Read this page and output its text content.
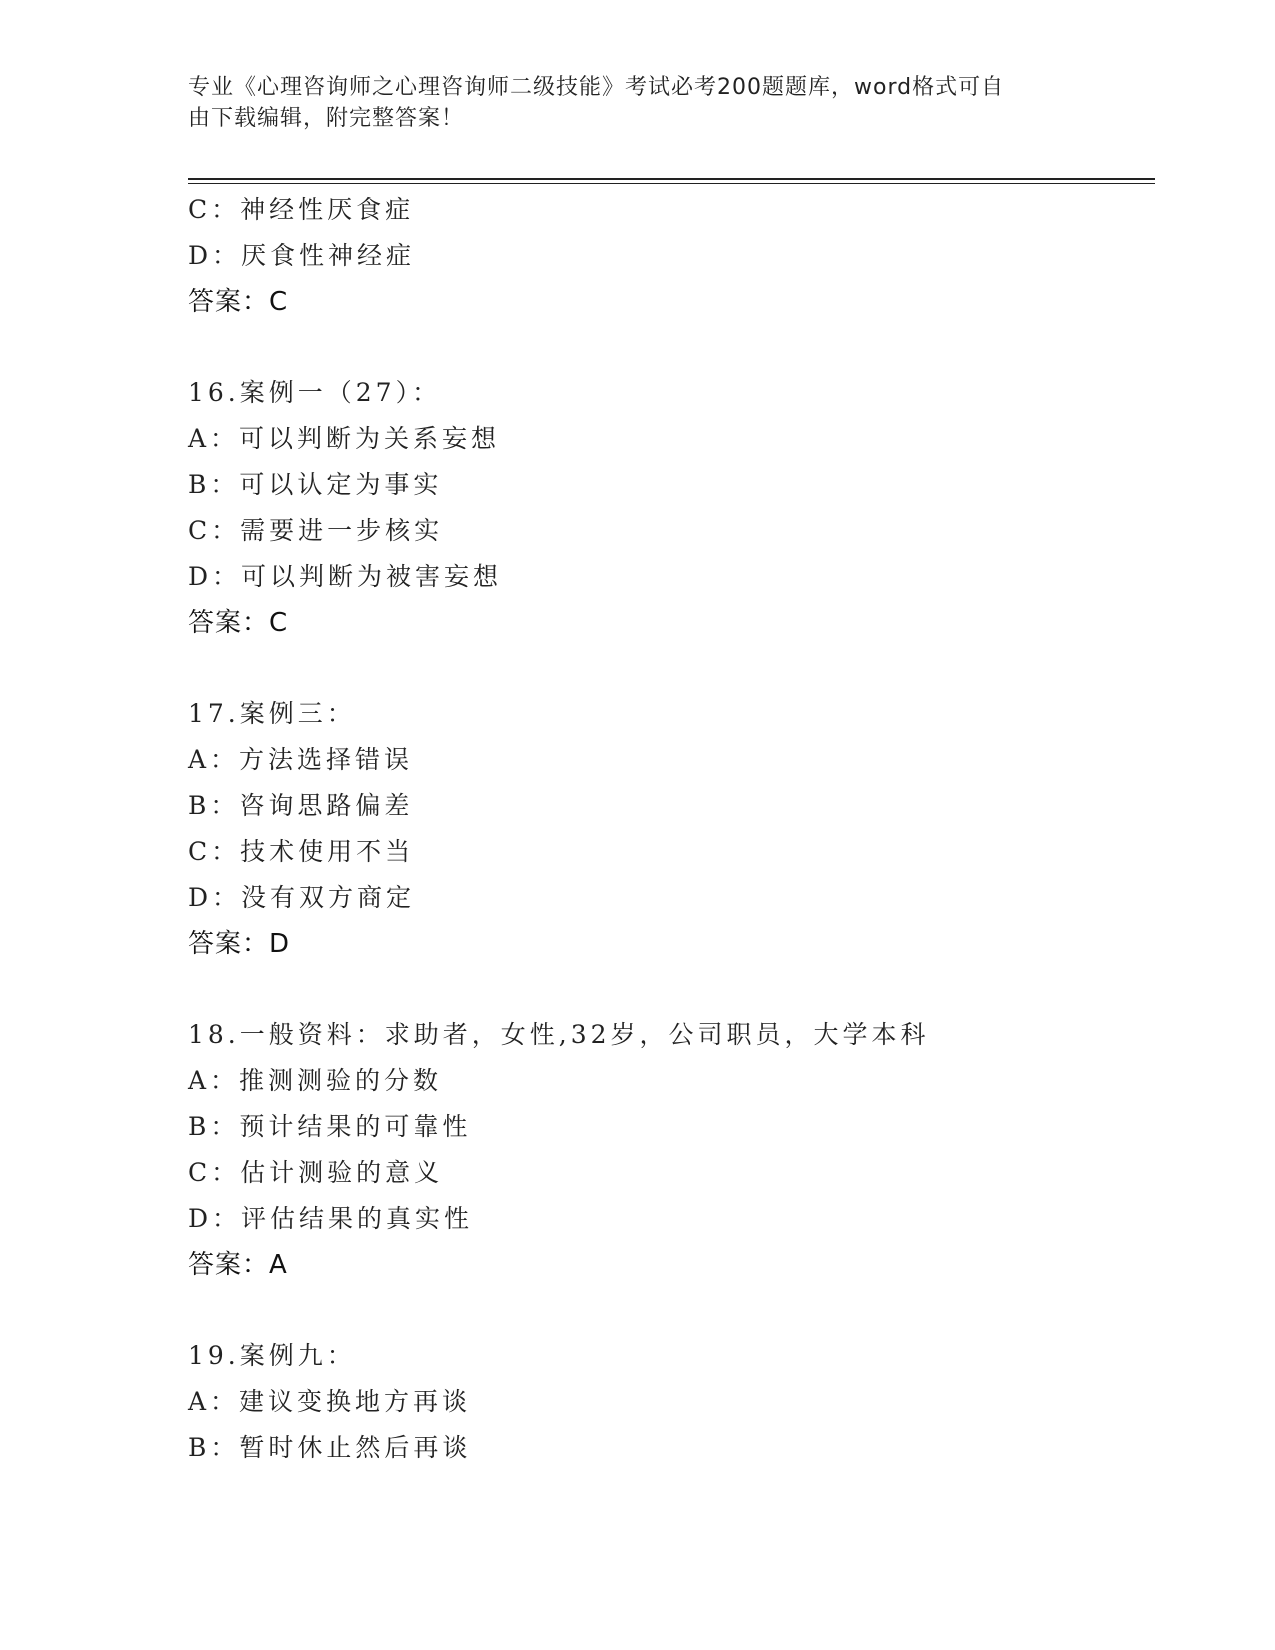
专业《心理咨询师之心理咨询师二级技能》考试必考200题题库，word格式可自
由下载编辑，附完整答案！
C：神经性厌食症
D：厌食性神经症
答案：C
16.案例一（27）：
A：可以判断为关系妄想
B：可以认定为事实
C：需要进一步核实
D：可以判断为被害妄想
答案：C
17.案例三：
A：方法选择错误
B：咨询思路偏差
C：技术使用不当
D：没有双方商定
答案：D
18.一般资料：求助者，女性,32岁，公司职员，大学本科
A：推测测验的分数
B：预计结果的可靠性
C：估计测验的意义
D：评估结果的真实性
答案：A
19.案例九：
A：建议变换地方再谈
B：暂时休止然后再谈
